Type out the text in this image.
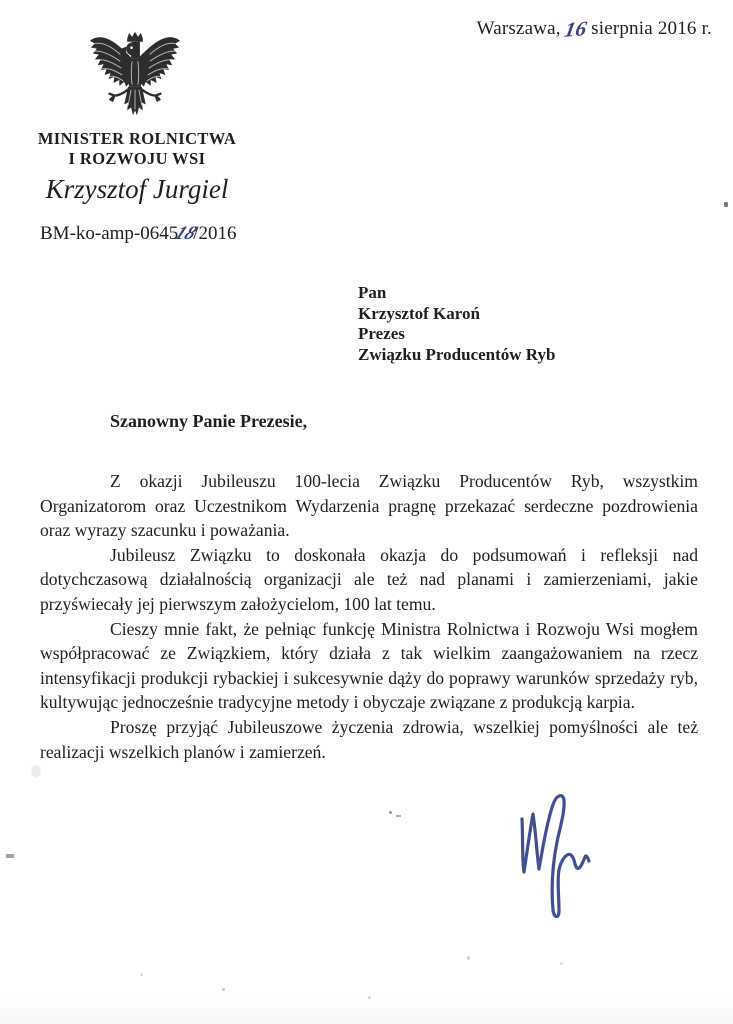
Warszawa,16 sierpnia 2016 r.
MINISTER ROLNICTWA
I ROZWOJU WSI
Krzysztof Jurgiel
BM-ko-amp-064518/2016
Pan
Krzysztof Karoń
Prezes
Związku Producentów Ryb
Szanowny Panie Prezesie,

Z okazji Jubileuszu 100-lecia Związku Producentów Ryb, wszystkim Organizatorom oraz Uczestnikom Wydarzenia pragnę przekazać serdeczne pozdrowienia oraz wyrazy szacunku i poważania.

Jubileusz Związku to doskonała okazja do podsumowań i refleksji nad dotychczasową działalnością organizacji ale też nad planami i zamierzeniami, jakie przyświecały jej pierwszym założycielom, 100 lat temu.

Cieszy mnie fakt, że pełniąc funkcję Ministra Rolnictwa i Rozwoju Wsi mogłem współpracować ze Związkiem, który działa z tak wielkim zaangażowaniem na rzecz intensyfikacji produkcji rybackiej i sukcesywnie dąży do poprawy warunków sprzedaży ryb, kultywując jednocześnie tradycyjne metody i obyczaje związane z produkcją karpia.

Proszę przyjąć Jubileuszowe życzenia zdrowia, wszelkiej pomyślności ale też realizacji wszelkich planów i zamierzeń.
